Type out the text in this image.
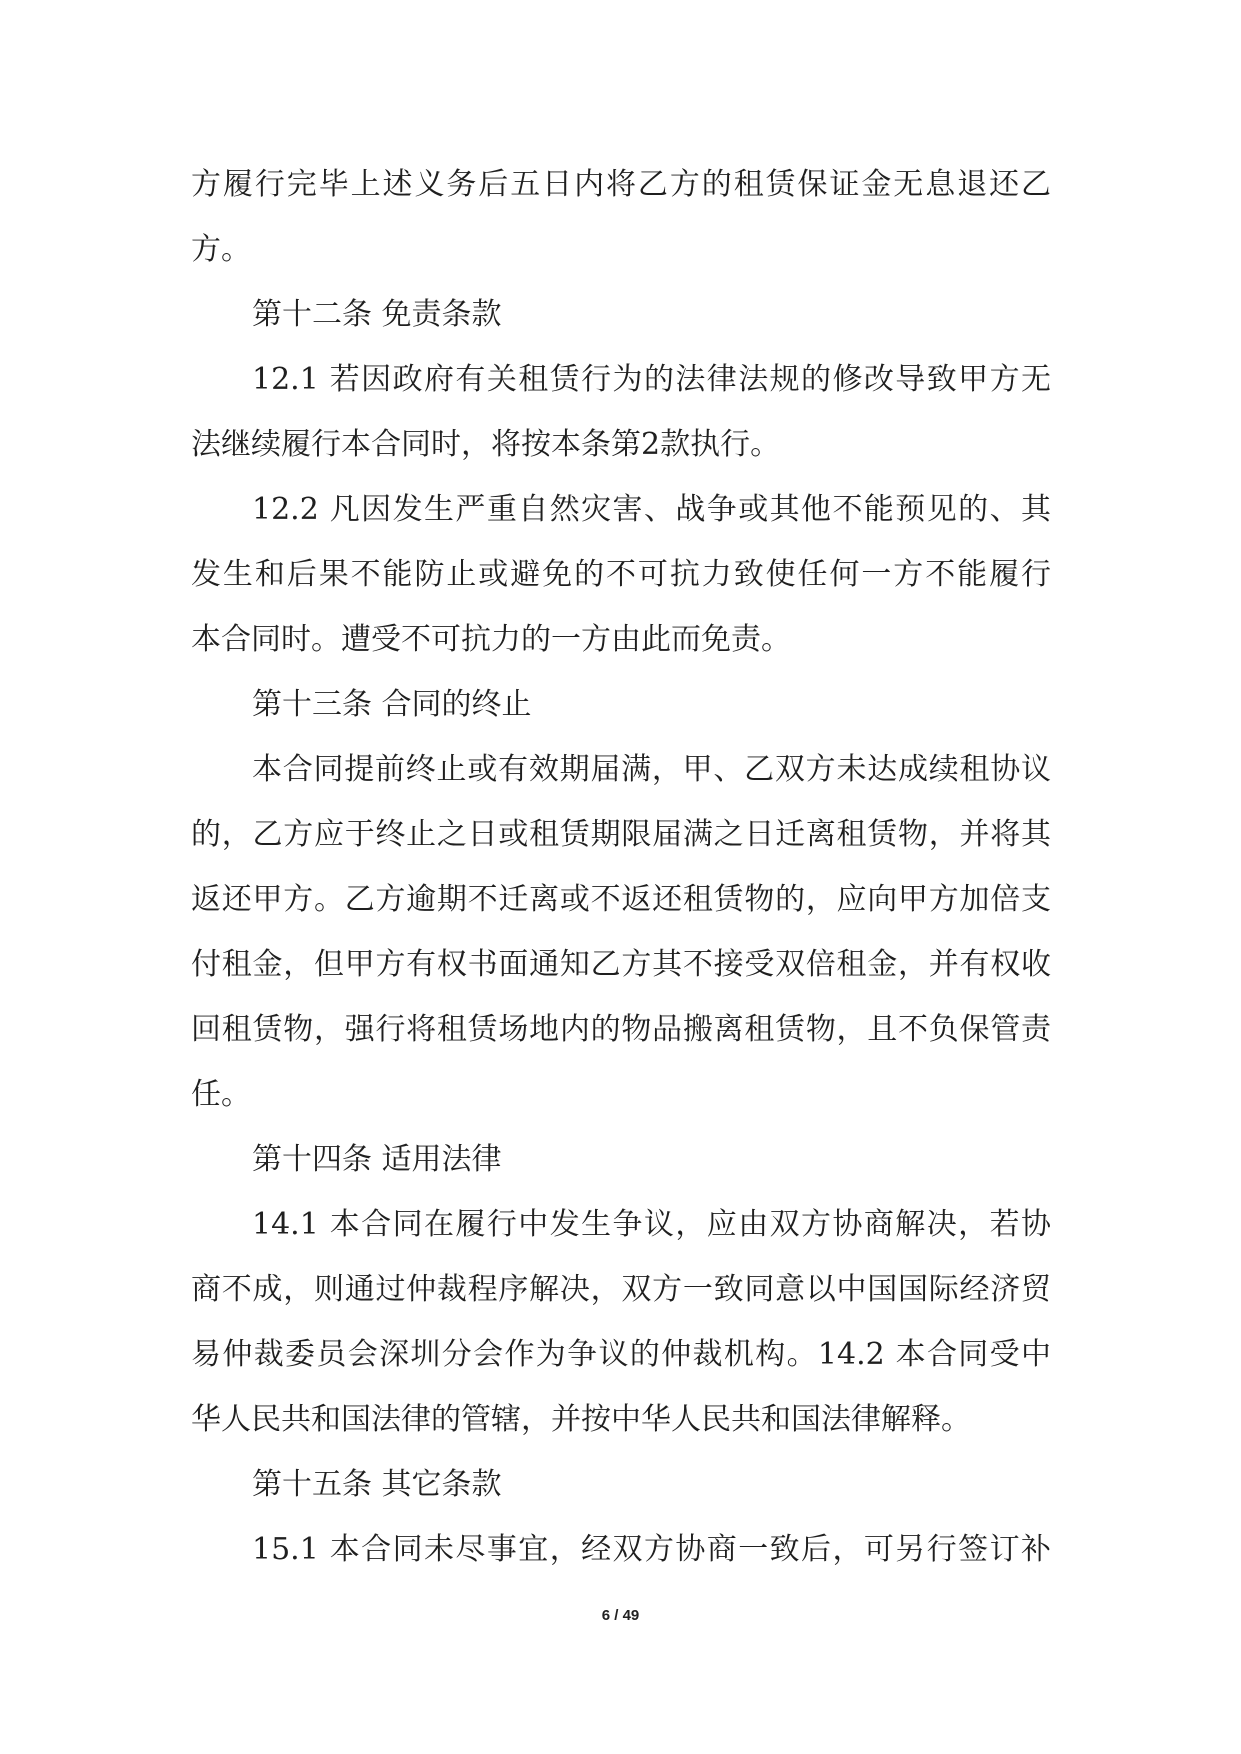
方履行完毕上述义务后五日内将乙方的租赁保证金无息退还乙
方。
第十二条 免责条款
12.1 若因政府有关租赁行为的法律法规的修改导致甲方无
法继续履行本合同时，将按本条第2款执行。
12.2 凡因发生严重自然灾害、战争或其他不能预见的、其
发生和后果不能防止或避免的不可抗力致使任何一方不能履行
本合同时。遭受不可抗力的一方由此而免责。
第十三条 合同的终止
本合同提前终止或有效期届满，甲、乙双方未达成续租协议
的，乙方应于终止之日或租赁期限届满之日迁离租赁物，并将其
返还甲方。乙方逾期不迁离或不返还租赁物的，应向甲方加倍支
付租金，但甲方有权书面通知乙方其不接受双倍租金，并有权收
回租赁物，强行将租赁场地内的物品搬离租赁物，且不负保管责
任。
第十四条 适用法律
14.1 本合同在履行中发生争议，应由双方协商解决，若协
商不成，则通过仲裁程序解决，双方一致同意以中国国际经济贸
易仲裁委员会深圳分会作为争议的仲裁机构。14.2 本合同受中
华人民共和国法律的管辖，并按中华人民共和国法律解释。
第十五条 其它条款
15.1 本合同未尽事宜，经双方协商一致后，可另行签订补
6 / 49
